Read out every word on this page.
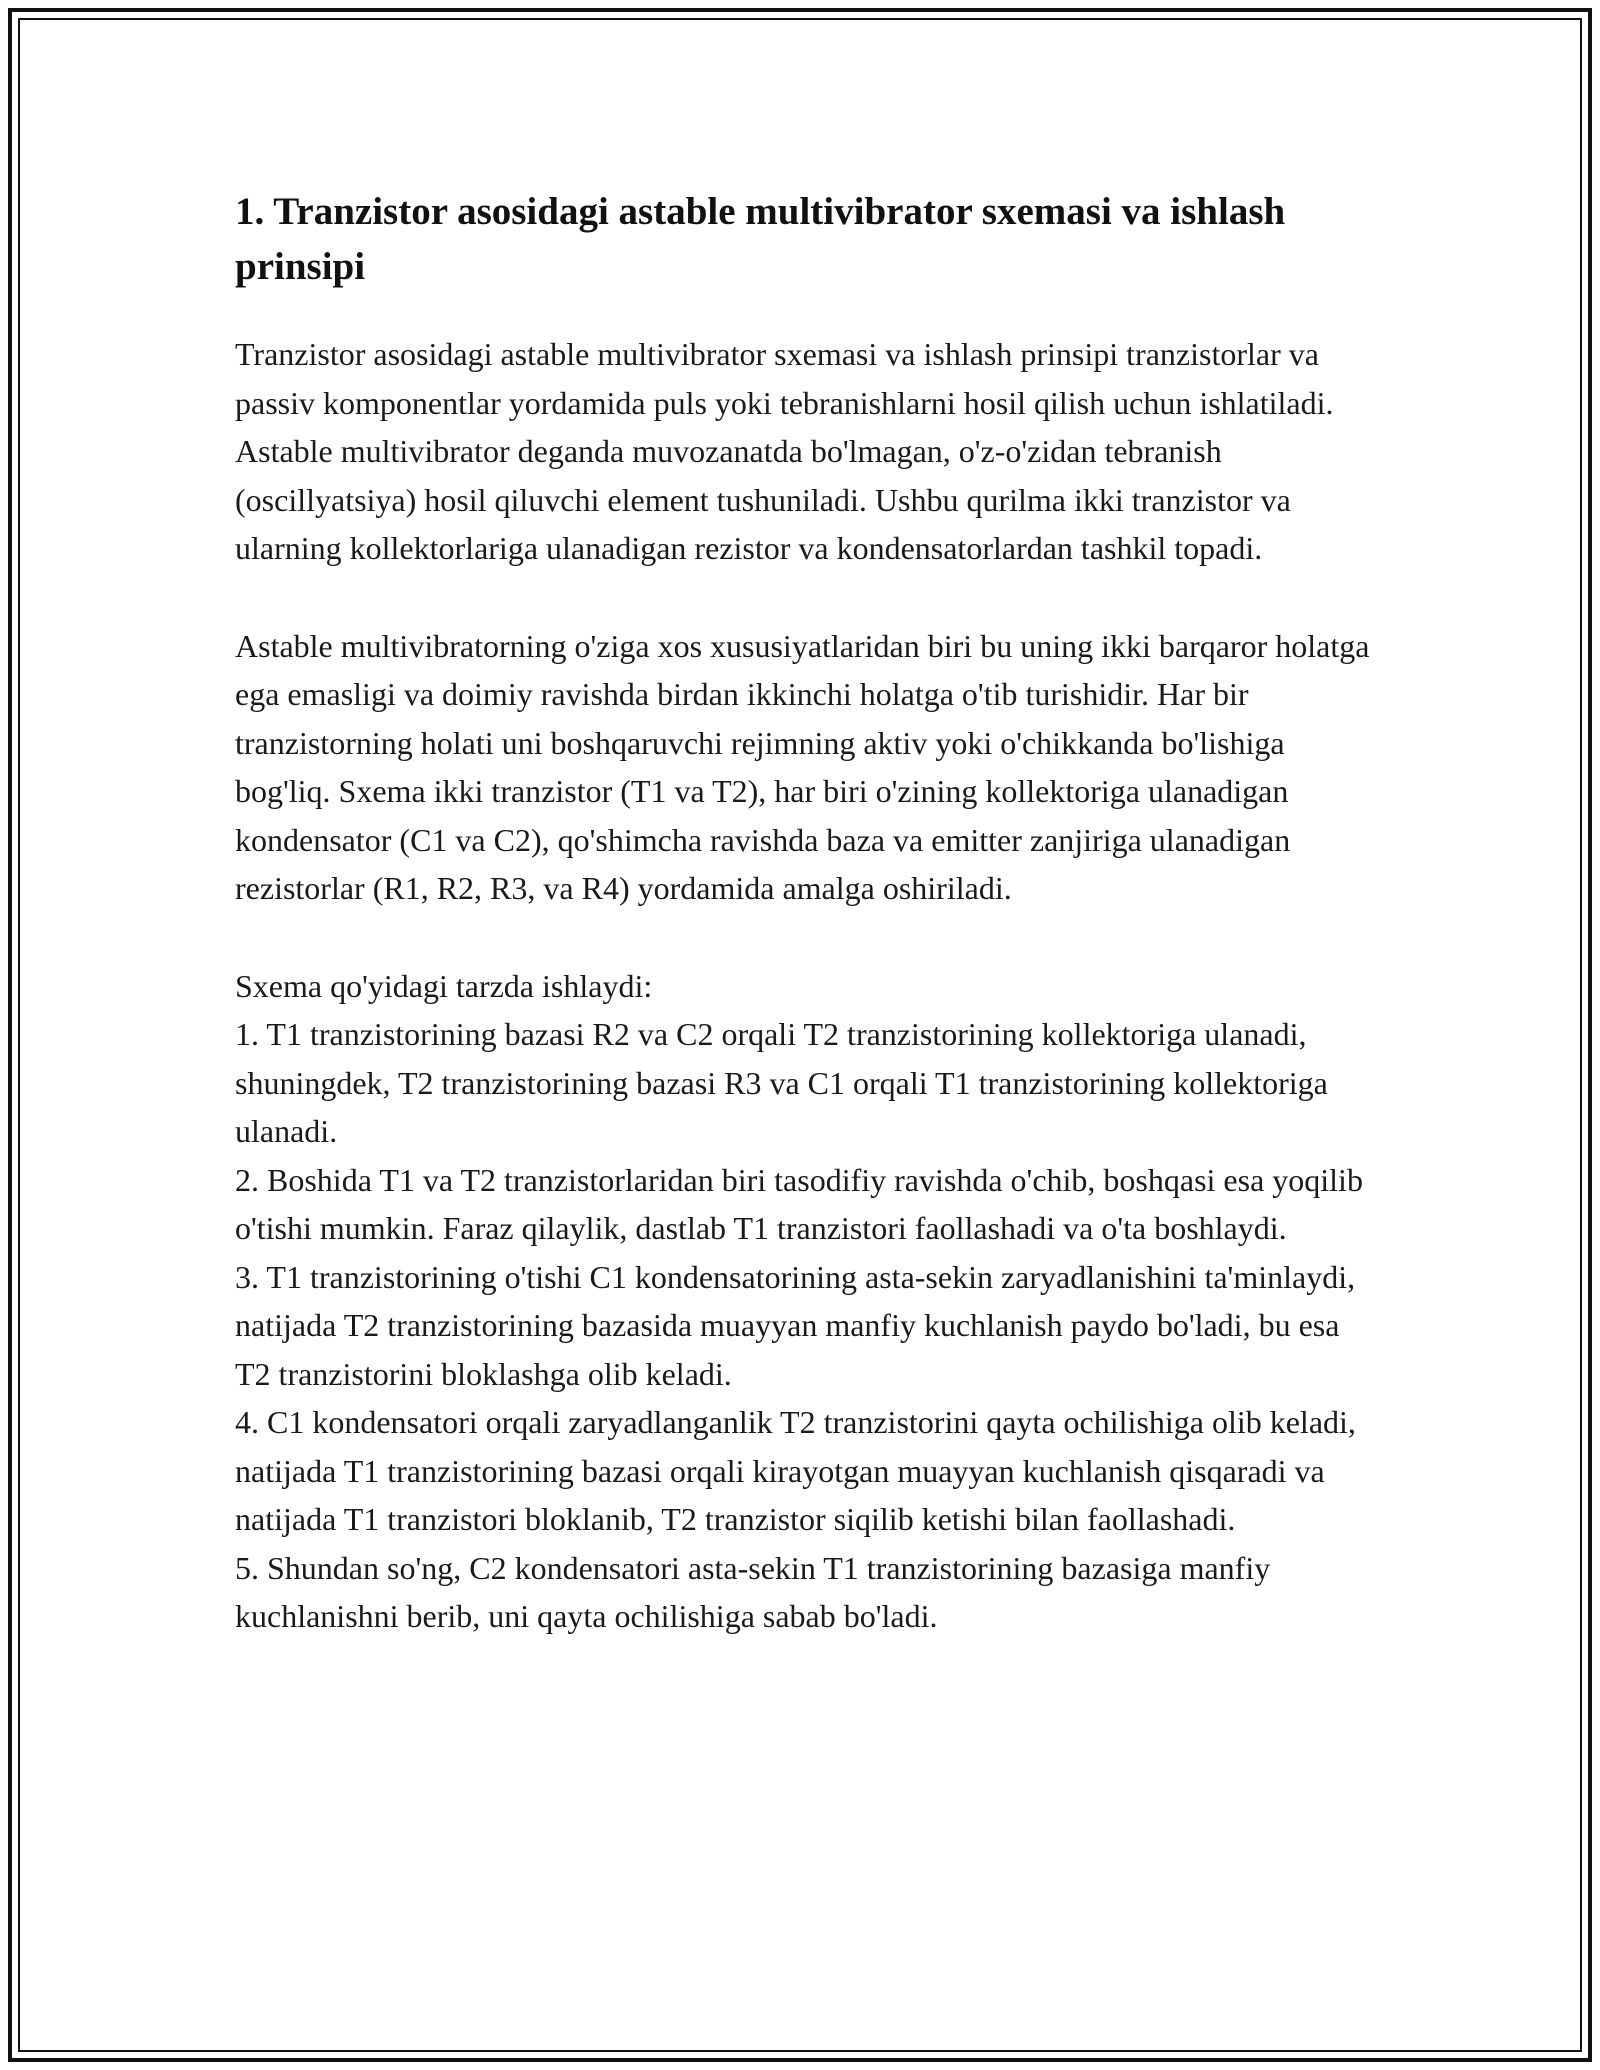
1. Tranzistor asosidagi astable multivibrator sxemasi va ishlash prinsipi

Tranzistor asosidagi astable multivibrator sxemasi va ishlash prinsipi tranzistorlar va passiv komponentlar yordamida puls yoki tebranishlarni hosil qilish uchun ishlatiladi. Astable multivibrator deganda muvozanatda bo'lmagan, o'z-o'zidan tebranish (oscillyatsiya) hosil qiluvchi element tushuniladi. Ushbu qurilma ikki tranzistor va ularning kollektorlariga ulanadigan rezistor va kondensatorlardan tashkil topadi.

Astable multivibratorning o'ziga xos xususiyatlaridan biri bu uning ikki barqaror holatga ega emasligi va doimiy ravishda birdan ikkinchi holatga o'tib turishidir. Har bir tranzistorning holati uni boshqaruvchi rejimning aktiv yoki o'chikkanda bo'lishiga bog'liq. Sxema ikki tranzistor (T1 va T2), har biri o'zining kollektoriga ulanadigan kondensator (C1 va C2), qo'shimcha ravishda baza va emitter zanjiriga ulanadigan rezistorlar (R1, R2, R3, va R4) yordamida amalga oshiriladi.

Sxema qo'yidagi tarzda ishlaydi:
1. T1 tranzistorining bazasi R2 va C2 orqali T2 tranzistorining kollektoriga ulanadi, shuningdek, T2 tranzistorining bazasi R3 va C1 orqali T1 tranzistorining kollektoriga ulanadi.
2. Boshida T1 va T2 tranzistorlaridan biri tasodifiy ravishda o'chib, boshqasi esa yoqilib o'tishi mumkin. Faraz qilaylik, dastlab T1 tranzistori faollashadi va o'ta boshlaydi.
3. T1 tranzistorining o'tishi C1 kondensatorining asta-sekin zaryadlanishini ta'minlaydi, natijada T2 tranzistorining bazasida muayyan manfiy kuchlanish paydo bo'ladi, bu esa T2 tranzistorini bloklashga olib keladi.
4. C1 kondensatori orqali zaryadlanganlik T2 tranzistorini qayta ochilishiga olib keladi, natijada T1 tranzistorining bazasi orqali kirayotgan muayyan kuchlanish qisqaradi va natijada T1 tranzistori bloklanib, T2 tranzistor siqilib ketishi bilan faollashadi.
5. Shundan so'ng, C2 kondensatori asta-sekin T1 tranzistorining bazasiga manfiy kuchlanishni berib, uni qayta ochilishiga sabab bo'ladi.
